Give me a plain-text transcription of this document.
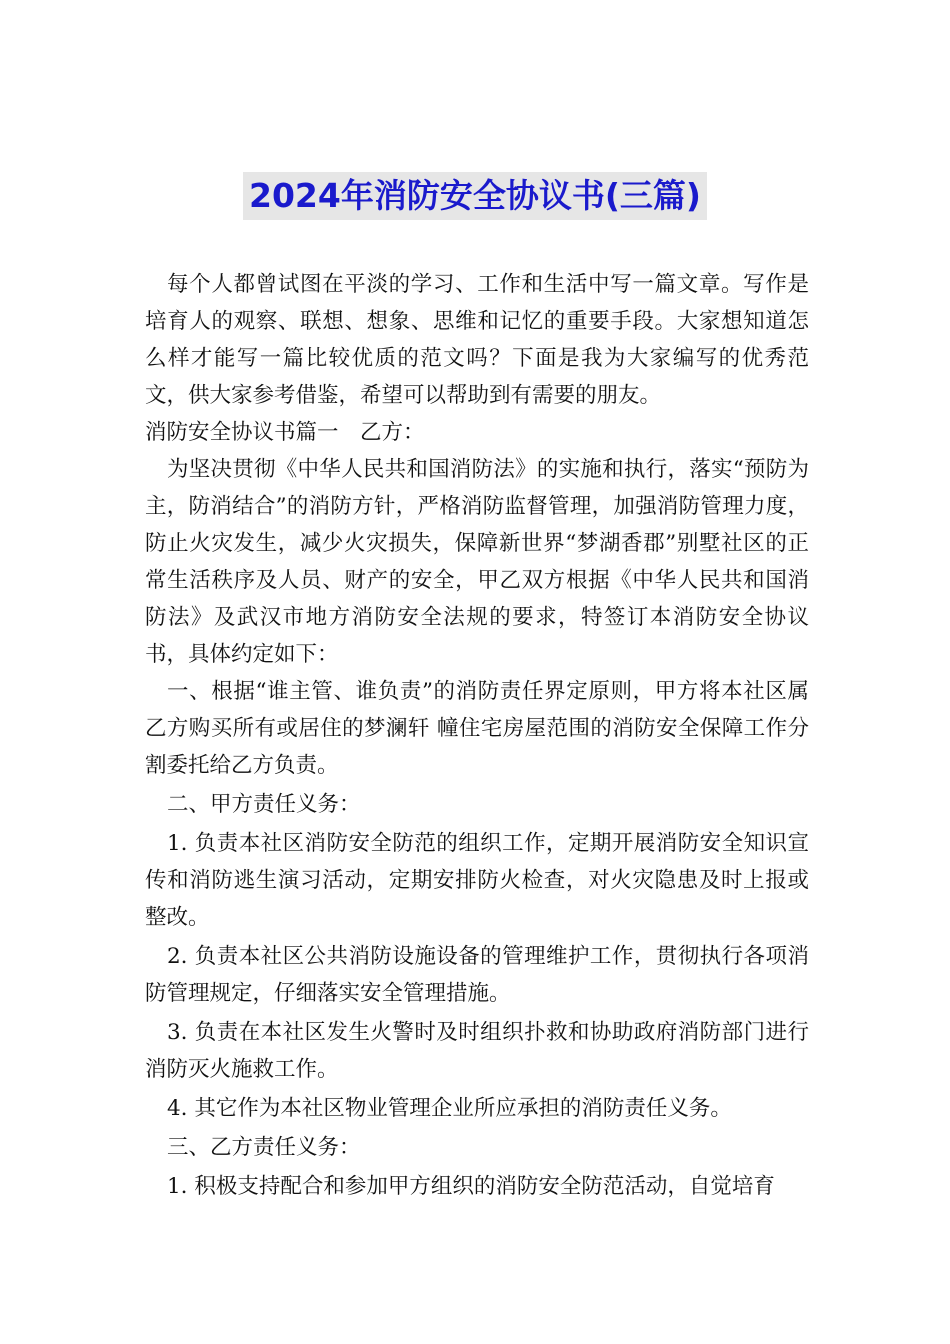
2024年消防安全协议书(三篇)

每个人都曾试图在平淡的学习、工作和生活中写一篇文章。写作是培育人的观察、联想、想象、思维和记忆的重要手段。大家想知道怎么样才能写一篇比较优质的范文吗？下面是我为大家编写的优秀范文，供大家参考借鉴，希望可以帮助到有需要的朋友。

消防安全协议书篇一　乙方：

为坚决贯彻《中华人民共和国消防法》的实施和执行，落实“预防为主，防消结合”的消防方针，严格消防监督管理，加强消防管理力度，防止火灾发生，减少火灾损失，保障新世界“梦湖香郡”别墅社区的正常生活秩序及人员、财产的安全，甲乙双方根据《中华人民共和国消防法》及武汉市地方消防安全法规的要求，特签订本消防安全协议书，具体约定如下：

一、根据“谁主管、谁负责”的消防责任界定原则，甲方将本社区属乙方购买所有或居住的梦澜轩 幢住宅房屋范围的消防安全保障工作分割委托给乙方负责。

二、甲方责任义务：

1. 负责本社区消防安全防范的组织工作，定期开展消防安全知识宣传和消防逃生演习活动，定期安排防火检查，对火灾隐患及时上报或整改。

2. 负责本社区公共消防设施设备的管理维护工作，贯彻执行各项消防管理规定，仔细落实安全管理措施。

3. 负责在本社区发生火警时及时组织扑救和协助政府消防部门进行消防灭火施救工作。

4. 其它作为本社区物业管理企业所应承担的消防责任义务。

三、乙方责任义务：

1. 积极支持配合和参加甲方组织的消防安全防范活动，自觉培育
